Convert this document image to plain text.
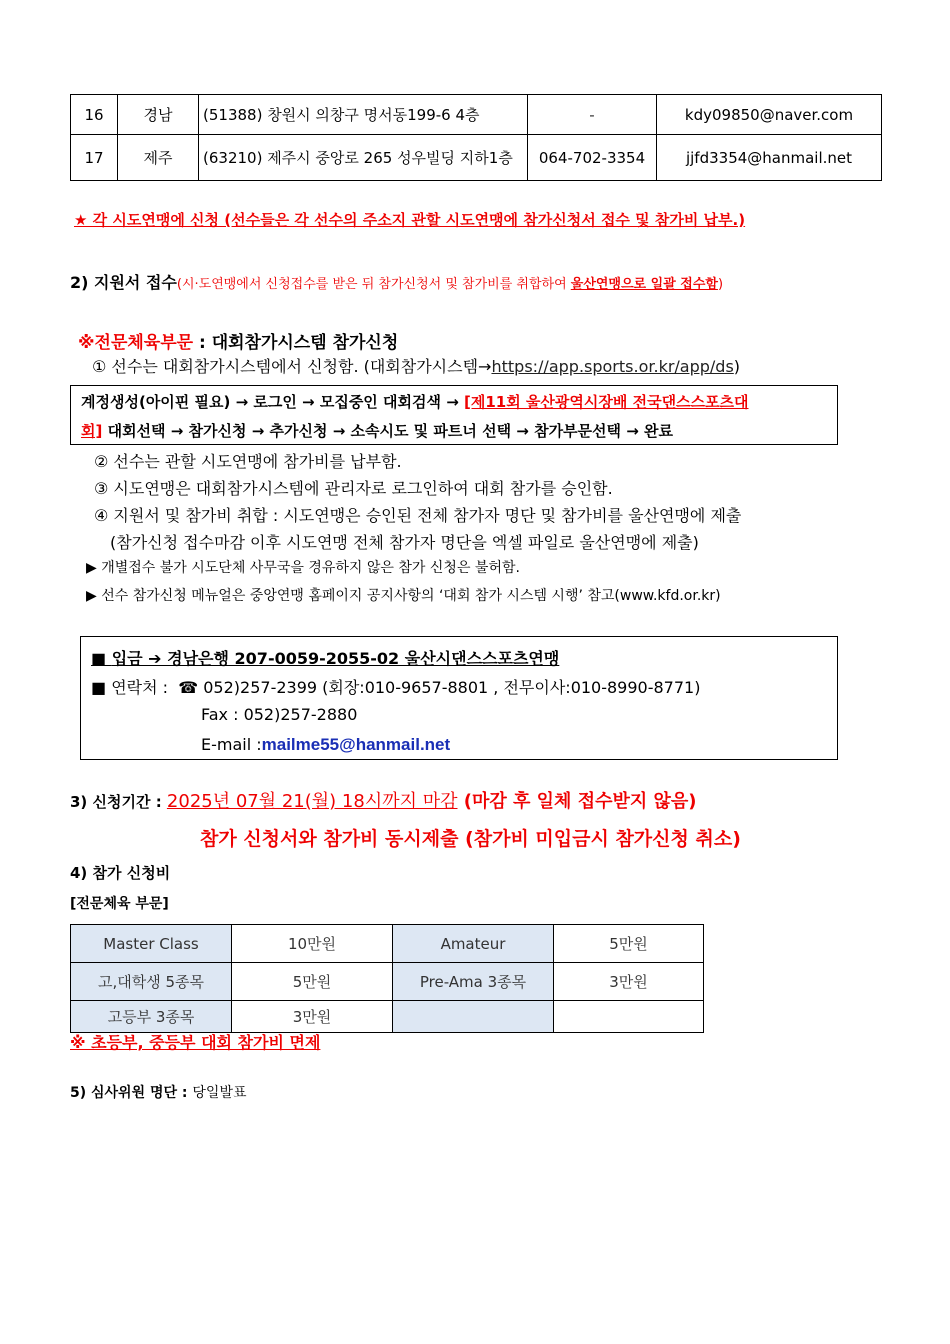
16	경남	(51388) 창원시 의창구 명서동199-6 4층	-	kdy09850@naver.com
17	제주	(63210) 제주시 중앙로 265 성우빌딩 지하1층	064-702-3354	jjfd3354@hanmail.net
★ 각 시도연맹에 신청 (선수들은 각 선수의 주소지 관할 시도연맹에 참가신청서 접수 및 참가비 납부.)
2) 지원서 접수(시·도연맹에서 신청접수를 받은 뒤 참가신청서 및 참가비를 취합하여 울산연맹으로 일괄 접수함)
※전문체육부문 : 대회참가시스템 참가신청
① 선수는 대회참가시스템에서 신청함. (대회참가시스템→https://app.sports.or.kr/app/ds)
계정생성(아이핀 필요) → 로그인 → 모집중인 대회검색 → [제11회 울산광역시장배 전국댄스스포츠대
회] 대회선택 → 참가신청 → 추가신청 → 소속시도 및 파트너 선택 → 참가부문선택 → 완료
② 선수는 관할 시도연맹에 참가비를 납부함.
③ 시도연맹은 대회참가시스템에 관리자로 로그인하여 대회 참가를 승인함.
④ 지원서 및 참가비 취합 : 시도연맹은 승인된 전체 참가자 명단 및 참가비를 울산연맹에 제출
(참가신청 접수마감 이후 시도연맹 전체 참가자 명단을 엑셀 파일로 울산연맹에 제출)
▶ 개별접수 불가 시도단체 사무국을 경유하지 않은 참가 신청은 불허함.
▶ 선수 참가신청 메뉴얼은 중앙연맹 홈페이지 공지사항의 ‘대회 참가 시스템 시행’ 참고(www.kfd.or.kr)
■ 입금 ➔ 경남은행 207-0059-2055-02 울산시댄스스포츠연맹
■ 연락처 : ☎ 052)257-2399 (회장:010-9657-8801 , 전무이사:010-8990-8771)
Fax : 052)257-2880
E-mail :mailme55@hanmail.net
3) 신청기간 : 2025년 07월 21(월) 18시까지 마감 (마감 후 일체 접수받지 않음)
참가 신청서와 참가비 동시제출 (참가비 미입금시 참가신청 취소)
4) 참가 신청비
[전문체육 부문]
Master Class	10만원	Amateur	5만원
고,대학생 5종목	5만원	Pre-Ama 3종목	3만원
고등부 3종목	3만원		
※ 초등부, 중등부 대회 참가비 면제
5) 심사위원 명단 : 당일발표
